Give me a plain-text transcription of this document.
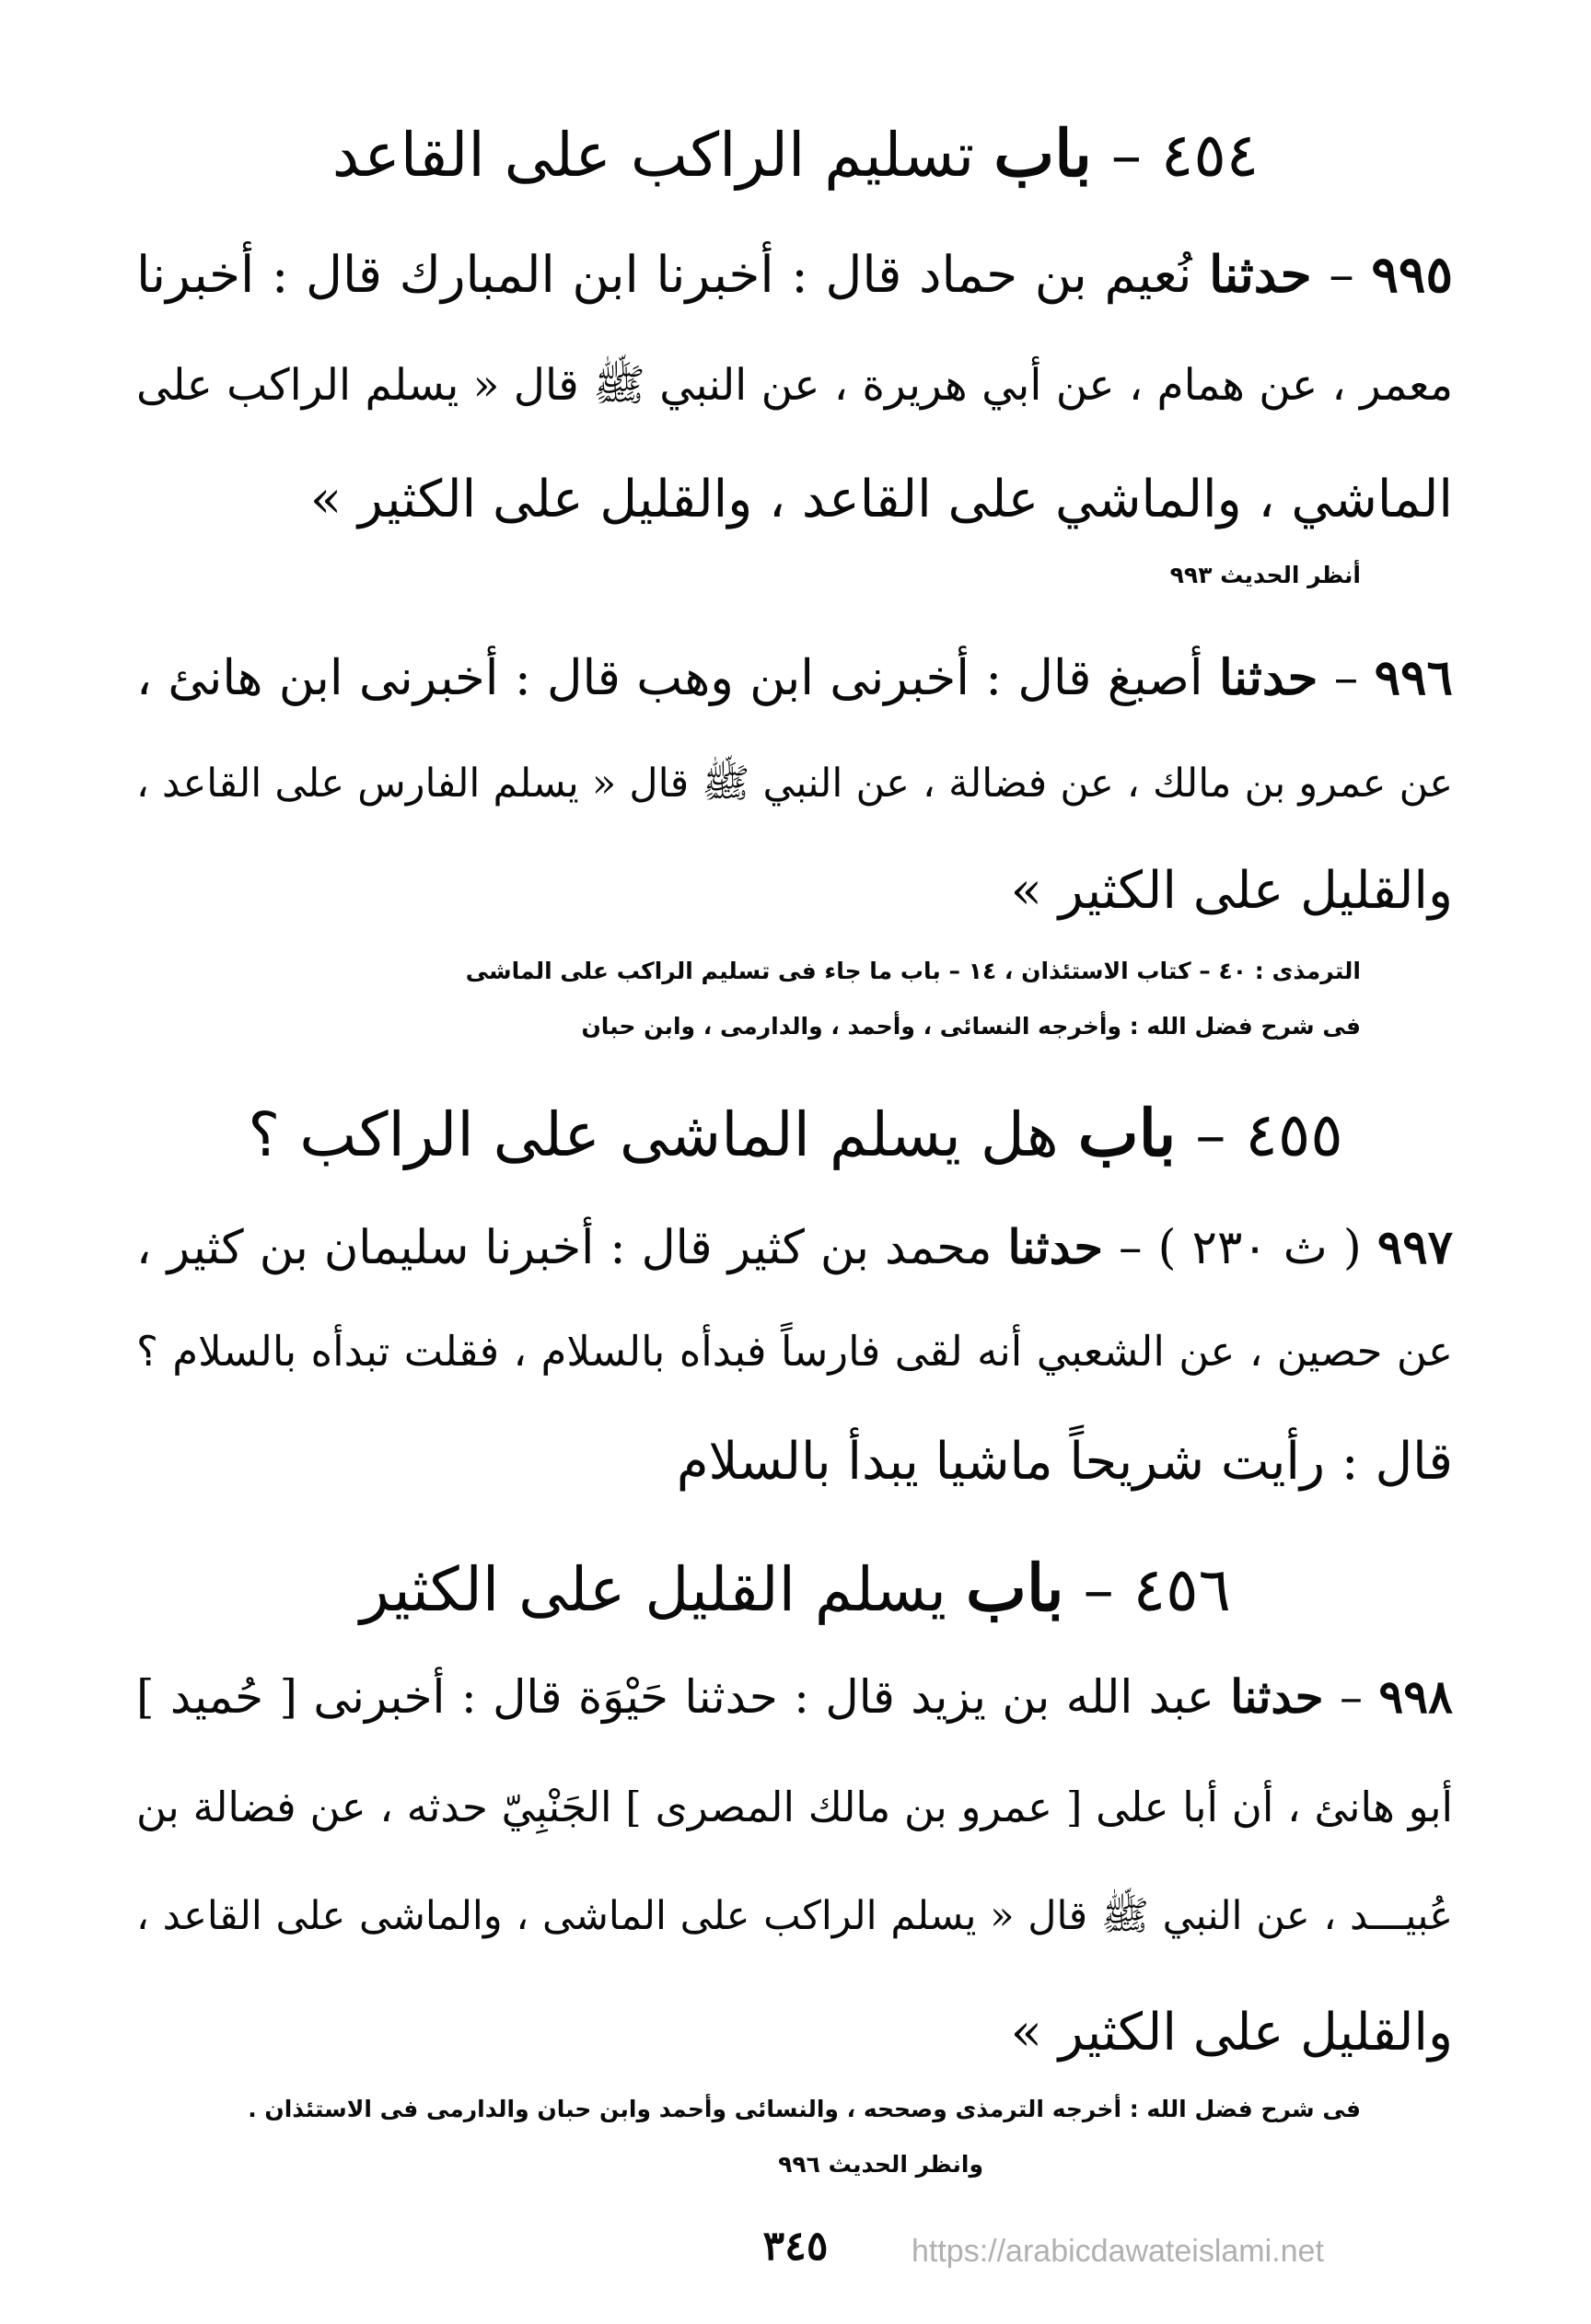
٤٥٤ – باب تسليم الراكب على القاعد
٩٩٥ – حدثنا نُعيم بن حماد قال : أخبرنا ابن المبارك قال : أخبرنا
معمر ، عن همام ، عن أبي هريرة ، عن النبي ﷺ قال « يسلم الراكب على
الماشي ، والماشي على القاعد ، والقليل على الكثير »
أنظر الحديث ٩٩٣
٩٩٦ – حدثنا أصبغ قال : أخبرنى ابن وهب قال : أخبرنى ابن هانئ ،
عن عمرو بن مالك ، عن فضالة ، عن النبي ﷺ قال « يسلم الفارس على القاعد ،
والقليل على الكثير »
الترمذى : ٤٠ – كتاب الاستئذان ، ١٤ – باب ما جاء فى تسليم الراكب على الماشى
فى شرح فضل الله : وأخرجه النسائى ، وأحمد ، والدارمى ، وابن حبان
٤٥٥ – باب هل يسلم الماشى على الراكب ؟
٩٩٧ ( ث ٢٣٠ ) – حدثنا محمد بن كثير قال : أخبرنا سليمان بن كثير ،
عن حصين ، عن الشعبي أنه لقى فارساً فبدأه بالسلام ، فقلت تبدأه بالسلام ؟
قال : رأيت شريحاً ماشيا يبدأ بالسلام
٤٥٦ – باب يسلم القليل على الكثير
٩٩٨ – حدثنا عبد الله بن يزيد قال : حدثنا حَيْوَة قال : أخبرنى [ حُميد ]
أبو هانئ ، أن أبا على [ عمرو بن مالك المصرى ] الجَنْبِيّ حدثه ، عن فضالة بن
عُبيـــد ، عن النبي ﷺ قال « يسلم الراكب على الماشى ، والماشى على القاعد ،
والقليل على الكثير »
فى شرح فضل الله : أخرجه الترمذى وصححه ، والنسائى وأحمد وابن حبان والدارمى فى الاستئذان .
وانظر الحديث ٩٩٦
٣٤٥	https://arabicdawateislami.net
